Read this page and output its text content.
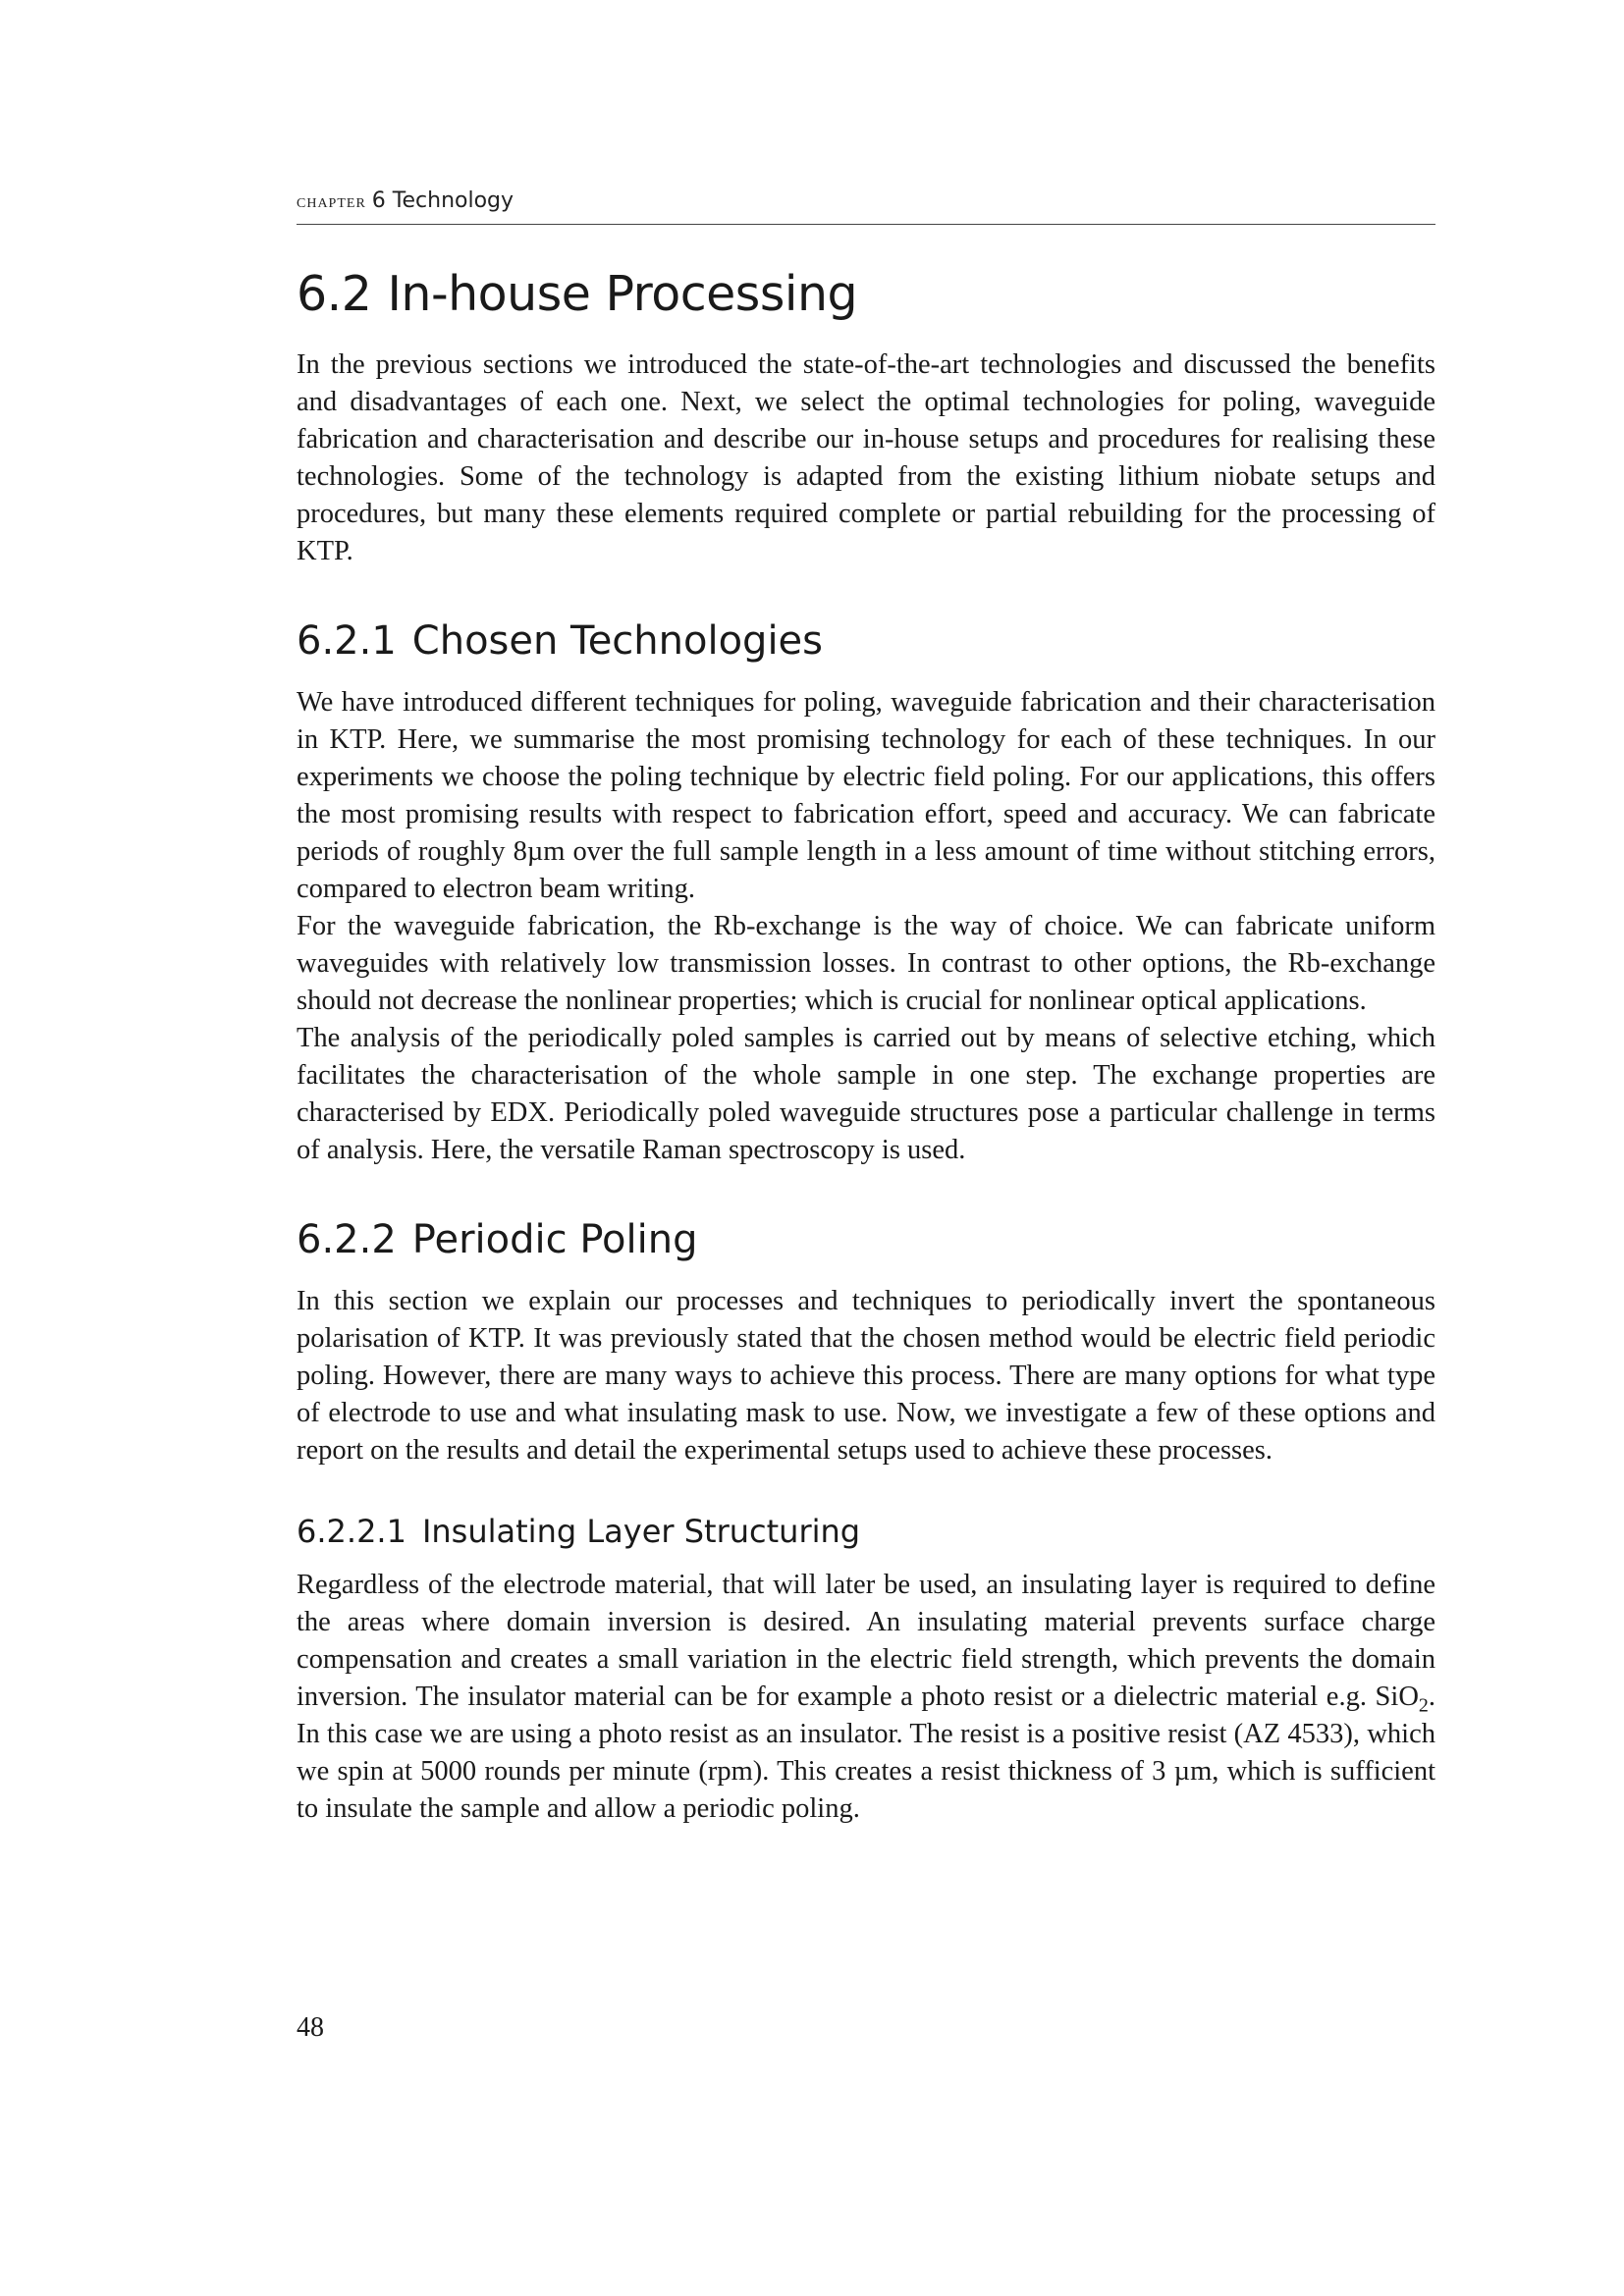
chapter 6 Technology
6.2 In-house Processing

In the previous sections we introduced the state-of-the-art technologies and discussed the benefits and disadvantages of each one. Next, we select the optimal technologies for poling, waveguide fabrication and characterisation and describe our in-house setups and procedures for realising these technologies. Some of the technology is adapted from the existing lithium niobate setups and procedures, but many these elements required complete or partial rebuilding for the processing of KTP.

6.2.1 Chosen Technologies

We have introduced different techniques for poling, waveguide fabrication and their characterisation in KTP. Here, we summarise the most promising technology for each of these techniques. In our experiments we choose the poling technique by electric field poling. For our applications, this offers the most promising results with respect to fabrication effort, speed and accuracy. We can fabricate periods of roughly 8µm over the full sample length in a less amount of time without stitching errors, compared to electron beam writing.

For the waveguide fabrication, the Rb-exchange is the way of choice. We can fabricate uniform waveguides with relatively low transmission losses. In contrast to other options, the Rb-exchange should not decrease the nonlinear properties; which is crucial for nonlinear optical applications.

The analysis of the periodically poled samples is carried out by means of selective etching, which facilitates the characterisation of the whole sample in one step. The exchange properties are characterised by EDX. Periodically poled waveguide structures pose a particular challenge in terms of analysis. Here, the versatile Raman spectroscopy is used.

6.2.2 Periodic Poling

In this section we explain our processes and techniques to periodically invert the spontaneous polarisation of KTP. It was previously stated that the chosen method would be electric field periodic poling. However, there are many ways to achieve this process. There are many options for what type of electrode to use and what insulating mask to use. Now, we investigate a few of these options and report on the results and detail the experimental setups used to achieve these processes.

6.2.2.1 Insulating Layer Structuring

Regardless of the electrode material, that will later be used, an insulating layer is required to define the areas where domain inversion is desired. An insulating material prevents surface charge compensation and creates a small variation in the electric field strength, which prevents the domain inversion. The insulator material can be for example a photo resist or a dielectric material e.g. SiO$_2$. In this case we are using a photo resist as an insulator. The resist is a positive resist (AZ 4533), which we spin at 5000 rounds per minute (rpm). This creates a resist thickness of 3 µm, which is sufficient to insulate the sample and allow a periodic poling.

48
